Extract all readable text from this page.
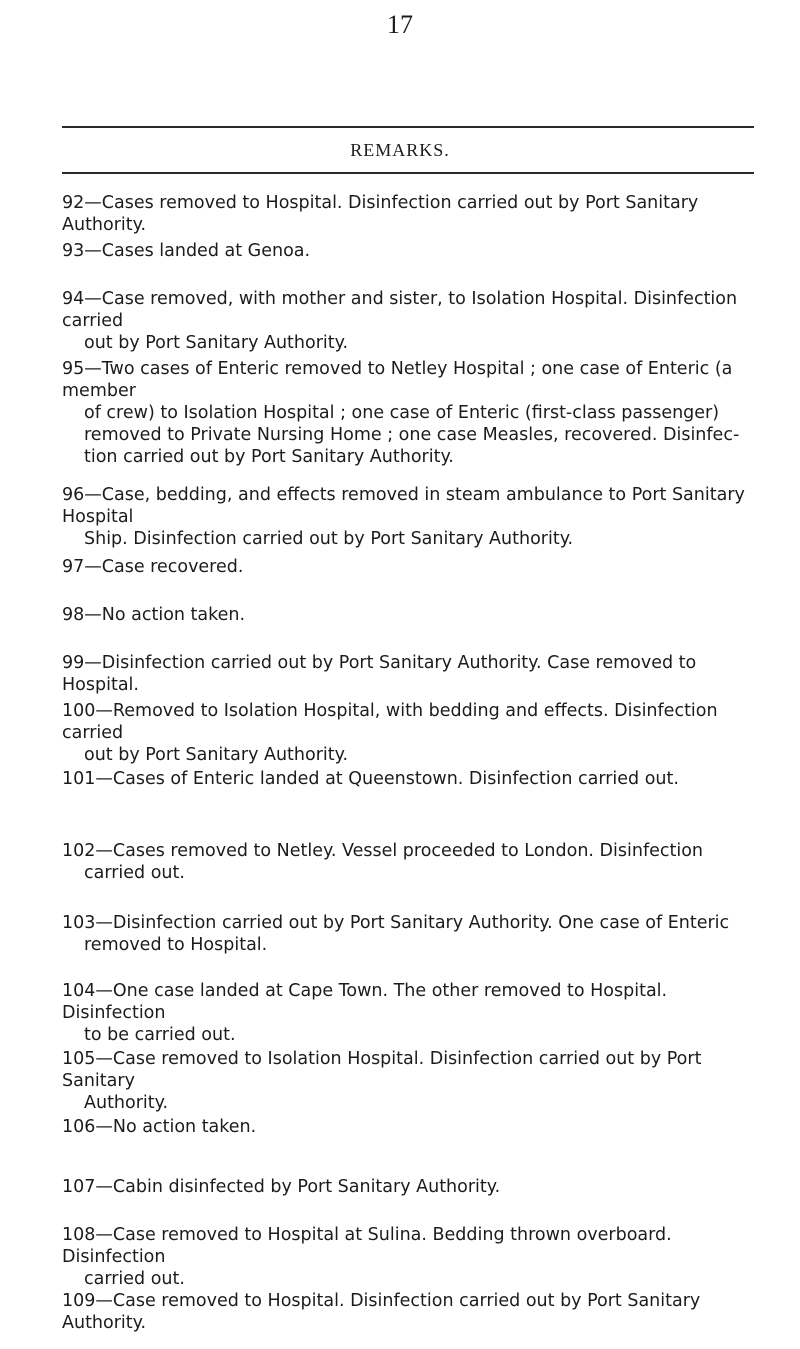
17
REMARKS.
92—Cases removed to Hospital. Disinfection carried out by Port Sanitary Authority.
93—Cases landed at Genoa.
94—Case removed, with mother and sister, to Isolation Hospital. Disinfection carried
out by Port Sanitary Authority.
95—Two cases of Enteric removed to Netley Hospital ; one case of Enteric (a member
of crew) to Isolation Hospital ; one case of Enteric (first-class passenger)
removed to Private Nursing Home ; one case Measles, recovered. Disinfec-
tion carried out by Port Sanitary Authority.
96—Case, bedding, and effects removed in steam ambulance to Port Sanitary Hospital
Ship. Disinfection carried out by Port Sanitary Authority.
97—Case recovered.
98—No action taken.
99—Disinfection carried out by Port Sanitary Authority. Case removed to Hospital.
100—Removed to Isolation Hospital, with bedding and effects. Disinfection carried
out by Port Sanitary Authority.
101—Cases of Enteric landed at Queenstown. Disinfection carried out.
102—Cases removed to Netley. Vessel proceeded to London. Disinfection
carried out.
103—Disinfection carried out by Port Sanitary Authority. One case of Enteric
removed to Hospital.
104—One case landed at Cape Town. The other removed to Hospital. Disinfection
to be carried out.
105—Case removed to Isolation Hospital. Disinfection carried out by Port Sanitary
Authority.
106—No action taken.
107—Cabin disinfected by Port Sanitary Authority.
108—Case removed to Hospital at Sulina. Bedding thrown overboard. Disinfection
carried out.
109—Case removed to Hospital. Disinfection carried out by Port Sanitary Authority.
